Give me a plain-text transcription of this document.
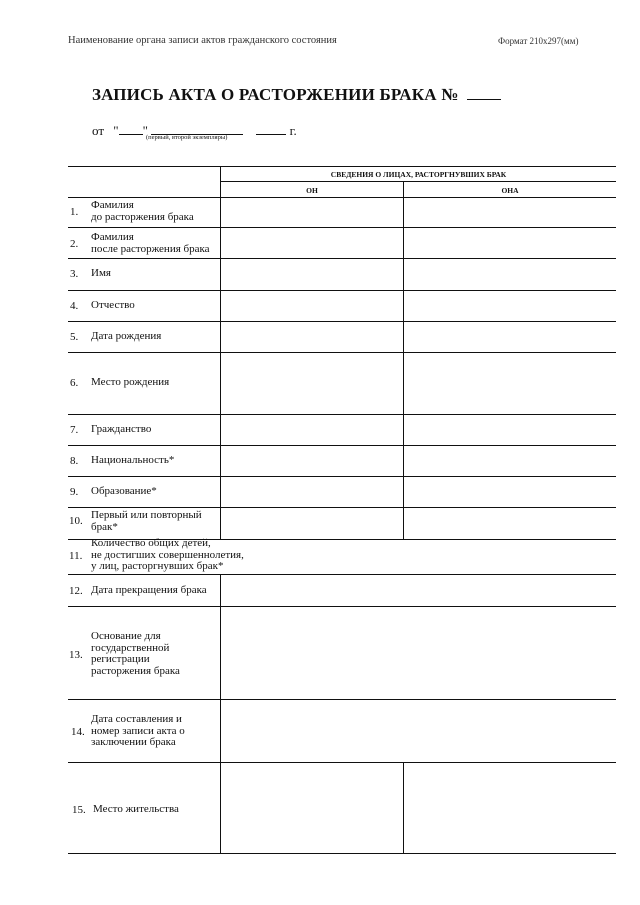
Наименование органа записи актов гражданского состояния	Формат 210х297(мм)
ЗАПИСЬ АКТА О РАСТОРЖЕНИИ БРАКА №
от " "	г.
(первый, второй экземпляры)
СВЕДЕНИЯ О ЛИЦАХ, РАСТОРГНУВШИХ БРАК
ОН	ОНА
1.
Фамилия
до расторжения брака
2.
Фамилия
после расторжения брака
3. Имя
4. Отчество
5. Дата рождения
6. Место рождения
7. Гражданство
8. Национальность*
9. Образование*
10. Первый или повторный
брак*
11.
Количество общих детей,
не достигших совершеннолетия,
у лиц, расторгнувших брак*
12. Дата прекращения брака
13.
Основание для
государственной
регистрации
расторжения брака
14.
Дата составления и
номер записи акта о
заключении брака
15. Место жительства
